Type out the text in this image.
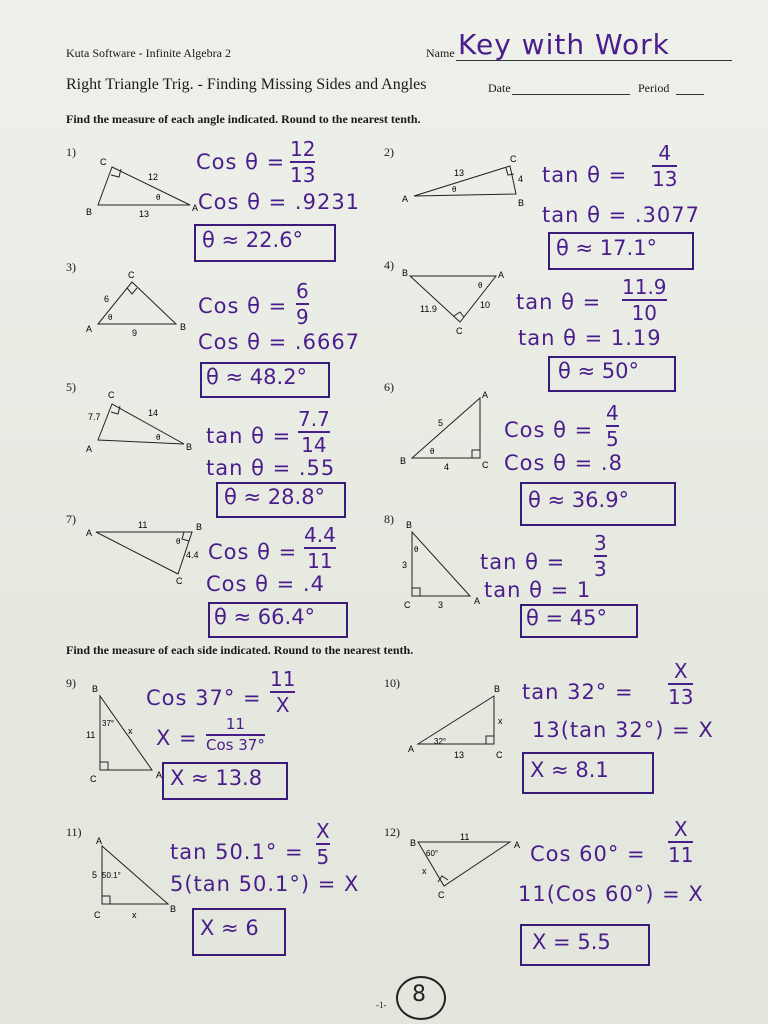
Kuta Software - Infinite Algebra 2	Name Key with Work
Right Triangle Trig. - Finding Missing Sides and Angles	Date	Period
Find the measure of each angle indicated. Round to the nearest tenth.
1)
C
12
θ
B	13
A
Cos θ =
12
13
Cos θ = .9231
θ ≈ 22.6°
2)	C
13
θ
4
A	B
tan θ =
4
13
tan θ = .3077
θ ≈ 17.1°
3)
C
6
θ
A	9
B
Cos θ =
6
9
Cos θ = .6667
θ ≈ 48.2°
4)
B
θ
A
11.9	10
C
tan θ =
11.9
10
tan θ = 1.19
θ ≈ 50°
5)
C
7.7	14
θ
A	B tan θ =
7.7
14
tan θ = .55
θ ≈ 28.8°
6)
A
5
B
θ
4	C
Cos θ =
4
5
Cos θ = .8
θ ≈ 36.9°
7)
A
11	B
θ
4.4
C
Cos θ =
4.4
11
Cos θ = .4
θ ≈ 66.4°
8) B
θ
3
C	3	A
tan θ =
3
3
tan θ = 1
θ = 45°
Find the measure of each side indicated. Round to the nearest tenth.
9) B
37°
11	x
C	A
Cos 37° =
11
X
X =
11
Cos 37°
X ≈ 13.8
10)	B
x
A
32°
13	C
tan 32° =
X
13
13(tan 32°) = X
X ≈ 8.1
11)
A
5 50.1°
C	x
B
tan 50.1° =
X
5
5(tan 50.1°) = X
X ≈ 6
12)
B
11
A
60°
x
C
Cos 60° =
X
11
11(Cos 60°) = X
X = 5.5
-1- 8
